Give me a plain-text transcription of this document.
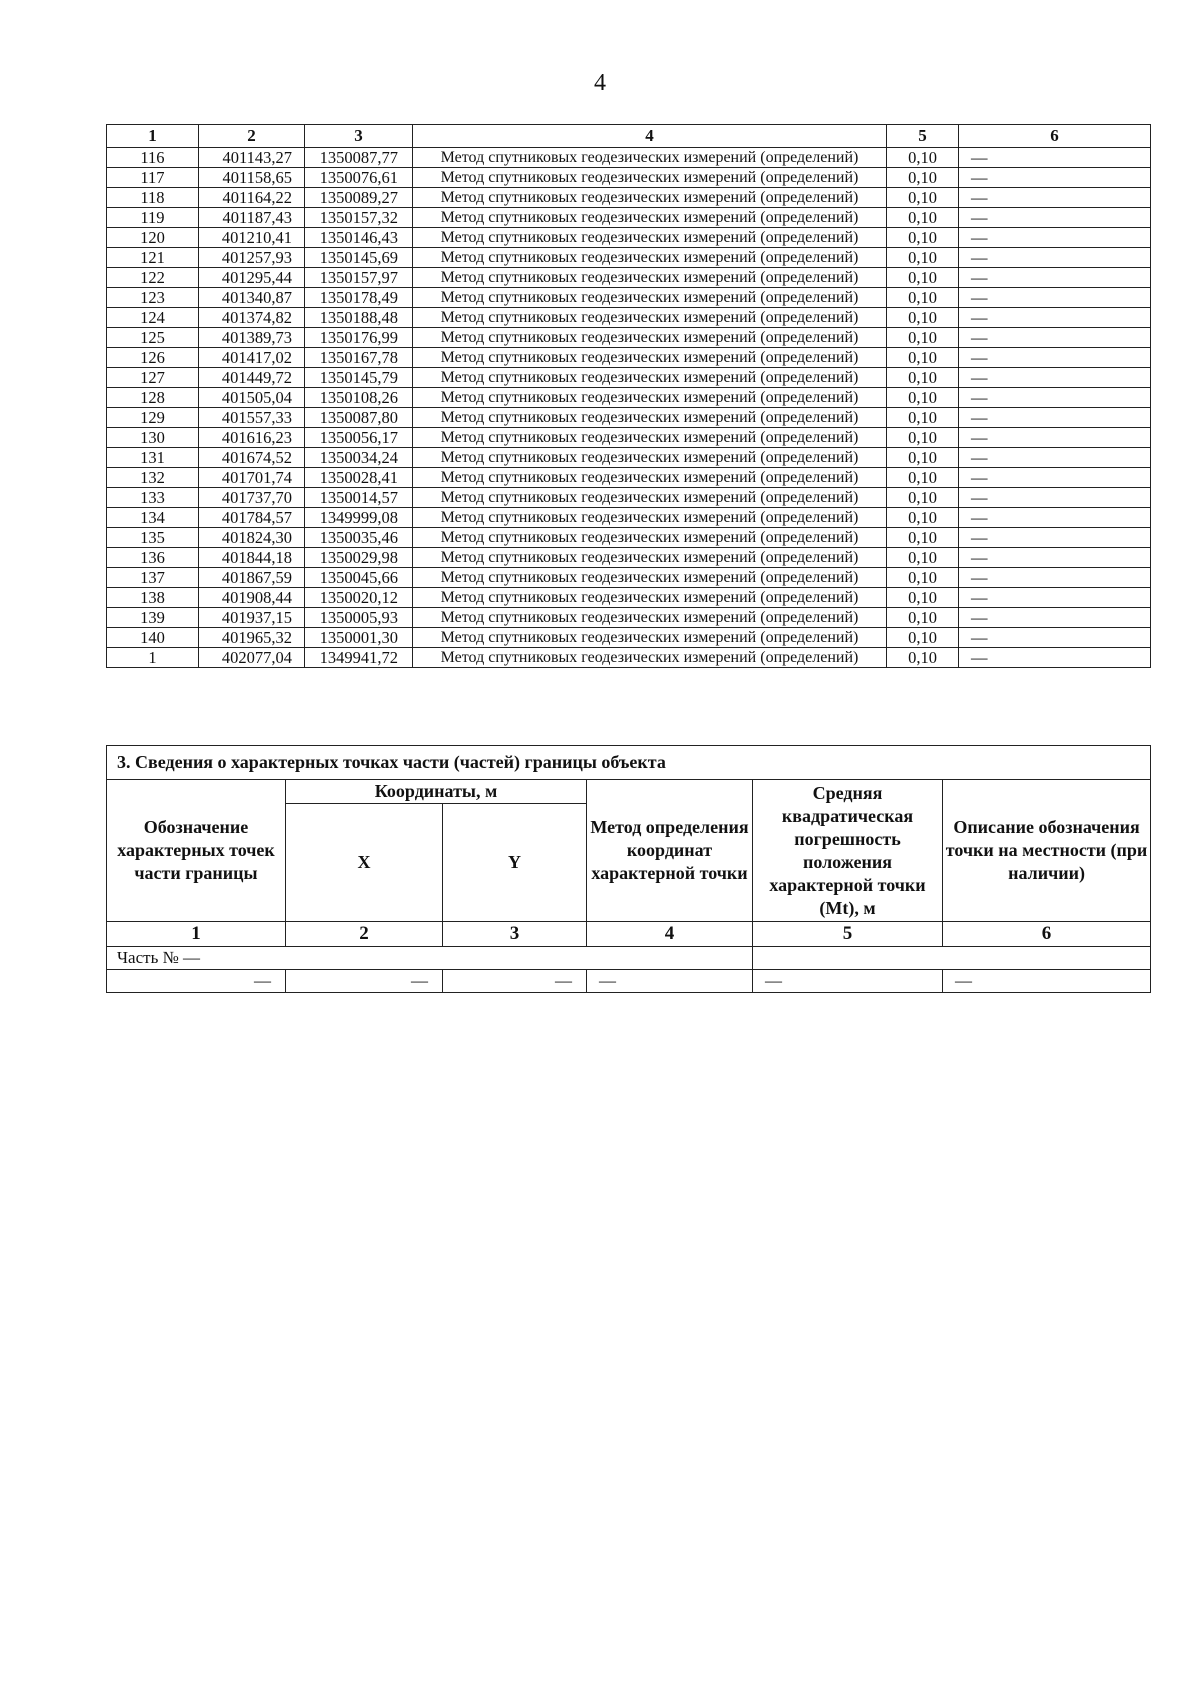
4
1	2	3	4	5	6
116	401143,27	1350087,77	Метод спутниковых геодезических измерений (определений)	0,10	—
117	401158,65	1350076,61	Метод спутниковых геодезических измерений (определений)	0,10	—
118	401164,22	1350089,27	Метод спутниковых геодезических измерений (определений)	0,10	—
119	401187,43	1350157,32	Метод спутниковых геодезических измерений (определений)	0,10	—
120	401210,41	1350146,43	Метод спутниковых геодезических измерений (определений)	0,10	—
121	401257,93	1350145,69	Метод спутниковых геодезических измерений (определений)	0,10	—
122	401295,44	1350157,97	Метод спутниковых геодезических измерений (определений)	0,10	—
123	401340,87	1350178,49	Метод спутниковых геодезических измерений (определений)	0,10	—
124	401374,82	1350188,48	Метод спутниковых геодезических измерений (определений)	0,10	—
125	401389,73	1350176,99	Метод спутниковых геодезических измерений (определений)	0,10	—
126	401417,02	1350167,78	Метод спутниковых геодезических измерений (определений)	0,10	—
127	401449,72	1350145,79	Метод спутниковых геодезических измерений (определений)	0,10	—
128	401505,04	1350108,26	Метод спутниковых геодезических измерений (определений)	0,10	—
129	401557,33	1350087,80	Метод спутниковых геодезических измерений (определений)	0,10	—
130	401616,23	1350056,17	Метод спутниковых геодезических измерений (определений)	0,10	—
131	401674,52	1350034,24	Метод спутниковых геодезических измерений (определений)	0,10	—
132	401701,74	1350028,41	Метод спутниковых геодезических измерений (определений)	0,10	—
133	401737,70	1350014,57	Метод спутниковых геодезических измерений (определений)	0,10	—
134	401784,57	1349999,08	Метод спутниковых геодезических измерений (определений)	0,10	—
135	401824,30	1350035,46	Метод спутниковых геодезических измерений (определений)	0,10	—
136	401844,18	1350029,98	Метод спутниковых геодезических измерений (определений)	0,10	—
137	401867,59	1350045,66	Метод спутниковых геодезических измерений (определений)	0,10	—
138	401908,44	1350020,12	Метод спутниковых геодезических измерений (определений)	0,10	—
139	401937,15	1350005,93	Метод спутниковых геодезических измерений (определений)	0,10	—
140	401965,32	1350001,30	Метод спутниковых геодезических измерений (определений)	0,10	—
1	402077,04	1349941,72	Метод спутниковых геодезических измерений (определений)	0,10	—
3. Сведения о характерных точках части (частей) границы объекта					
Обозначение характерных точек части границы	Координаты, м		Метод определения координат характерной точки	Средняя квадратическая погрешность положения характерной точки (Mt), м	Описание обозначения точки на местности (при наличии)
	X	Y			
1	2	3	4	5	6
Часть № —					
—	—	—	—	—	—
